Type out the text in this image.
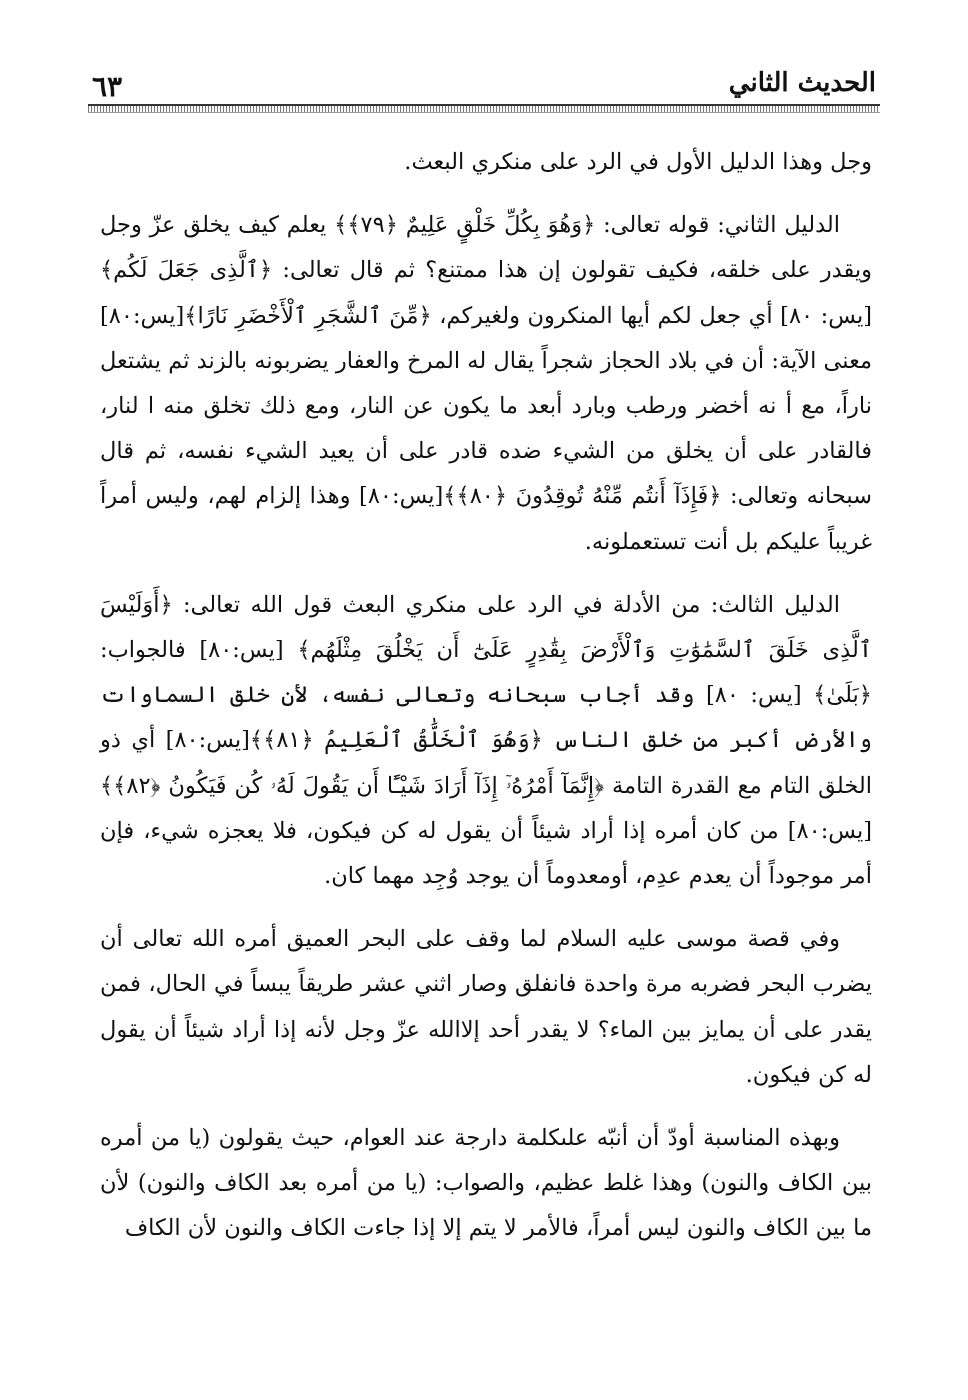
٦٣	الحديث الثاني

وجل وهذا الدليل الأول في الرد على منكري البعث.

الدليل الثاني: قوله تعالى: ﴿وَهُوَ بِكُلِّ خَلْقٍ عَلِيمٌ ﴿٧٩﴾﴾ يعلم كيف يخلق عزّ وجل ويقدر على خلقه، فكيف تقولون إن هذا ممتنع؟ ثم قال تعالى: ﴿ٱلَّذِى جَعَلَ لَكُم﴾ [يس: ٨٠] أي جعل لكم أيها المنكرون ولغيركم، ﴿مِّنَ ٱلشَّجَرِ ٱلْأَخْضَرِ نَارًا﴾[يس:٨٠] معنى الآية: أن في بلاد الحجاز شجراً يقال له المرخ والعفار يضربونه بالزند ثم يشتعل ناراً، مع أ نه أخضر ورطب وبارد أبعد ما يكون عن النار، ومع ذلك تخلق منه ا لنار، فالقادر على أن يخلق من الشيء ضده قادر على أن يعيد الشيء نفسه، ثم قال سبحانه وتعالى: ﴿فَإِذَآ أَنتُم مِّنْهُ تُوقِدُونَ ﴿٨٠﴾﴾[يس:٨٠] وهذا إلزام لهم، وليس أمراً غريباً عليكم بل أنت تستعملونه.

الدليل الثالث: من الأدلة في الرد على منكري البعث قول الله تعالى: ﴿أَوَلَيْسَ ٱلَّذِى خَلَقَ ٱلسَّمَٰوَٰتِ وَٱلْأَرْضَ بِقَٰدِرٍ عَلَىٰٓ أَن يَخْلُقَ مِثْلَهُم﴾ [يس:٨٠] فالجواب: ﴿بَلَىٰ﴾ [يس: ٨٠] وقد أجاب سبحانه وتعالى نفسه، لأن خلق السماوات والأرض أكبر من خلق الناس ﴿وَهُوَ ٱلْخَلَّٰقُ ٱلْعَلِيمُ ﴿٨١﴾﴾[يس:٨٠] أي ذو الخلق التام مع القدرة التامة ﴿إِنَّمَآ أَمْرُهُۥٓ إِذَآ أَرَادَ شَيْـًٔا أَن يَقُولَ لَهُۥ كُن فَيَكُونُ ﴿٨٢﴾﴾[يس:٨٠] من كان أمره إذا أراد شيئاً أن يقول له كن فيكون، فلا يعجزه شيء، فإن أمر موجوداً أن يعدم عدِم، أومعدوماً أن يوجد وُجِد مهما كان.

وفي قصة موسى عليه السلام لما وقف على البحر العميق أمره الله تعالى أن يضرب البحر فضربه مرة واحدة فانفلق وصار اثني عشر طريقاً يبساً في الحال، فمن يقدر على أن يمايز بين الماء؟ لا يقدر أحد إلاالله عزّ وجل لأنه إذا أراد شيئاً أن يقول له كن فيكون.

وبهذه المناسبة أودّ أن أنبّه علىكلمة دارجة عند العوام، حيث يقولون (يا من أمره بين الكاف والنون) وهذا غلط عظيم، والصواب: (يا من أمره بعد الكاف والنون) لأن ما بين الكاف والنون ليس أمراً، فالأمر لا يتم إلا إذا جاءت الكاف والنون لأن الكاف
